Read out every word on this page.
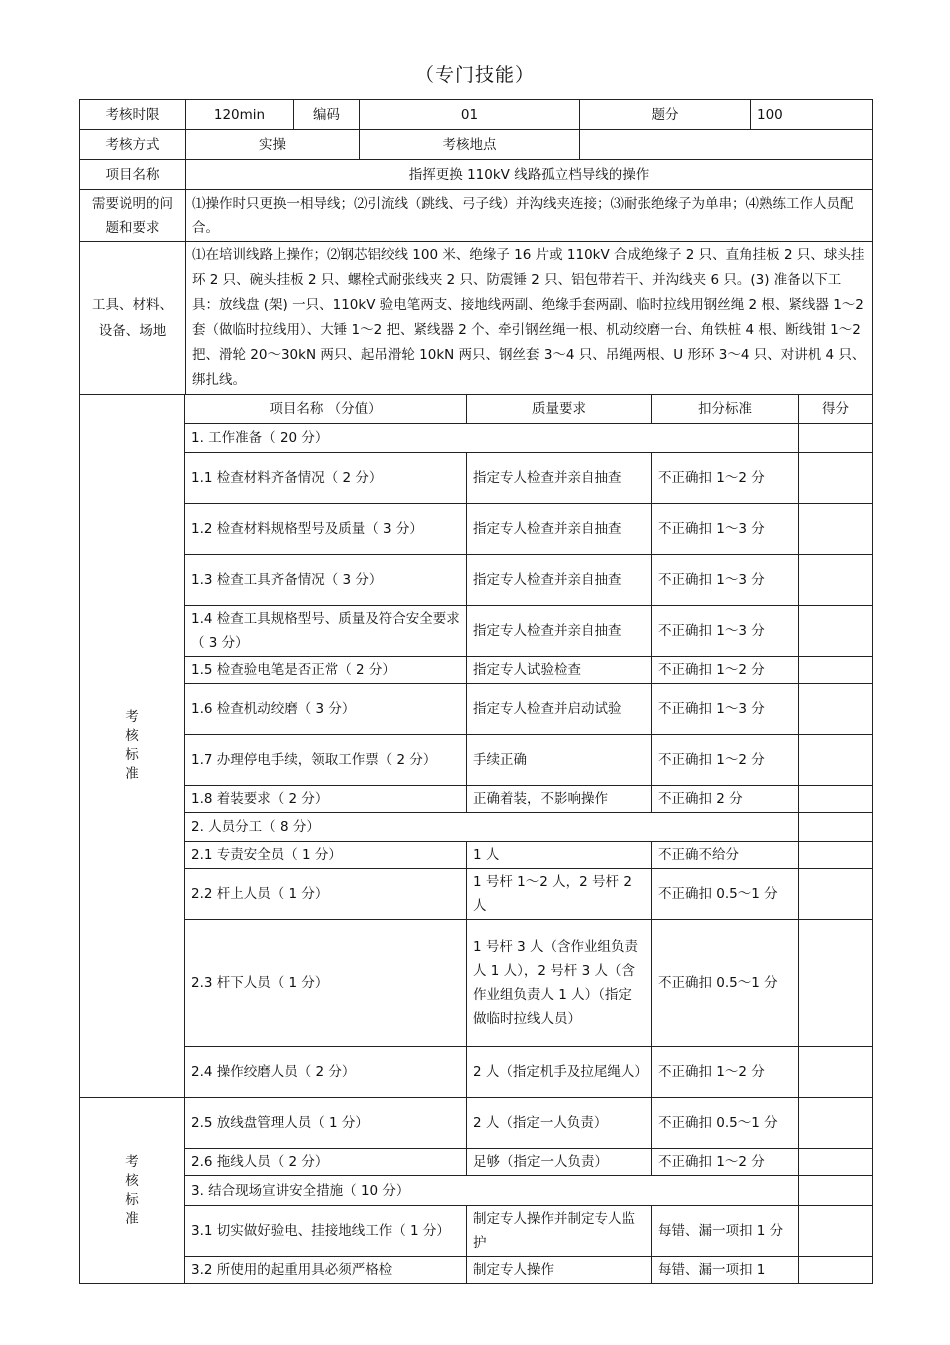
（专门技能）
考核时限	120min	编码	01	题分	100
考核方式	实操		考核地点		
项目名称	指挥更换 110kV 线路孤立档导线的操作				
需要说明的问题和要求	⑴操作时只更换一相导线；⑵引流线（跳线、弓子线）并沟线夹连接；⑶耐张绝缘子为单串；⑷熟练工作人员配合。				
工具、材料、设备、场地	⑴在培训线路上操作；⑵钢芯铝绞线 100 米、绝缘子 16 片或 110kV 合成绝缘子 2 只、直角挂板 2 只、球头挂环 2 只、碗头挂板 2 只、螺栓式耐张线夹 2 只、防震锤 2 只、铝包带若干、并沟线夹 6 只。(3) 准备以下工具：放线盘 (架) 一只、110kV 验电笔两支、接地线两副、绝缘手套两副、临时拉线用钢丝绳 2 根、紧线器 1～2 套（做临时拉线用）、大锤 1～2 把、紧线器 2 个、牵引钢丝绳一根、机动绞磨一台、角铁桩 4 根、断线钳 1～2 把、滑轮 20～30kN 两只、起吊滑轮 10kN 两只、钢丝套 3～4 只、吊绳两根、U 形环 3～4 只、对讲机 4 只、绑扎线。				
考
核
标
准	项目名称 （分值）	质量要求	扣分标准	得分
	1. 工作准备（ 20 分）			
	1.1 检查材料齐备情况（ 2 分）	指定专人检查并亲自抽查	不正确扣 1～2 分	
	1.2 检查材料规格型号及质量（ 3 分）	指定专人检查并亲自抽查	不正确扣 1～3 分	
	1.3 检查工具齐备情况（ 3 分）	指定专人检查并亲自抽查	不正确扣 1～3 分	
	1.4 检查工具规格型号、质量及符合安全要求（ 3 分）	指定专人检查并亲自抽查	不正确扣 1～3 分	
	1.5 检查验电笔是否正常（ 2 分）	指定专人试验检查	不正确扣 1～2 分	
	1.6 检查机动绞磨（ 3 分）	指定专人检查并启动试验	不正确扣 1～3 分	
	1.7 办理停电手续，领取工作票（ 2 分）	手续正确	不正确扣 1～2 分	
	1.8 着装要求（ 2 分）	正确着装，不影响操作	不正确扣 2 分	
	2. 人员分工（ 8 分）			
	2.1 专责安全员（ 1 分）	1 人	不正确不给分	
	2.2 杆上人员（ 1 分）	1 号杆 1～2 人，2 号杆 2 人	不正确扣 0.5～1 分	
	2.3 杆下人员（ 1 分）	1 号杆 3 人（含作业组负责人 1 人），2 号杆 3 人（含作业组负责人 1 人）（指定做临时拉线人员）	不正确扣 0.5～1 分	
	2.4 操作绞磨人员（ 2 分）	2 人（指定机手及拉尾绳人）	不正确扣 1～2 分	
考
核
标
准	2.5 放线盘管理人员（ 1 分）	2 人（指定一人负责）	不正确扣 0.5～1 分	
	2.6 拖线人员（ 2 分）	足够（指定一人负责）	不正确扣 1～2 分	
	3. 结合现场宣讲安全措施（ 10 分）			
	3.1 切实做好验电、挂接地线工作（ 1 分）	制定专人操作并制定专人监护	每错、漏一项扣 1 分	
	3.2 所使用的起重用具必须严格检	制定专人操作	每错、漏一项扣 1	
